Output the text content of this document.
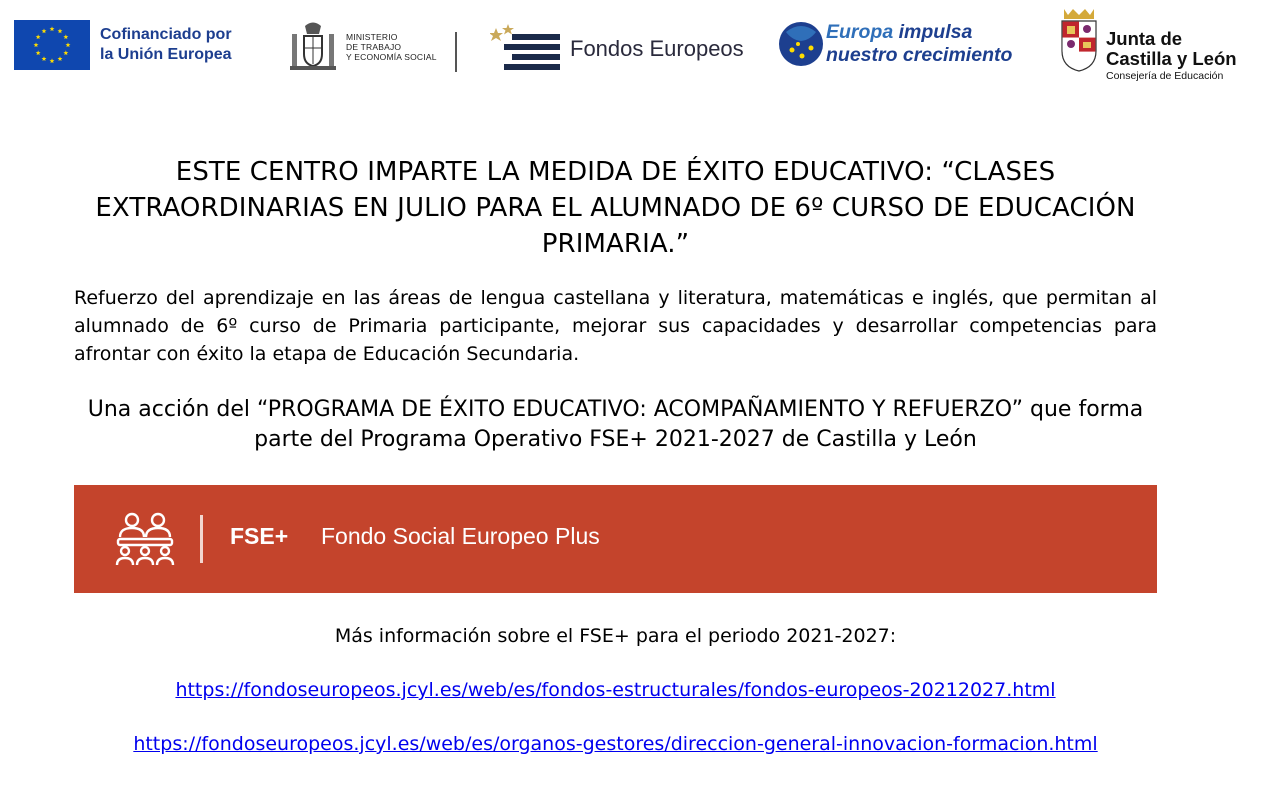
Cofinanciado por
la Unión Europea
MINISTERIO
DE TRABAJO
Y ECONOMÍA SOCIAL	Fondos Europeos
Europa impulsa
nuestro crecimiento
Junta de
Castilla y León
Consejería de Educación
ESTE CENTRO IMPARTE LA MEDIDA DE ÉXITO EDUCATIVO: “CLASES EXTRAORDINARIAS EN JULIO PARA EL ALUMNADO DE 6º CURSO DE EDUCACIÓN PRIMARIA.”
Refuerzo del aprendizaje en las áreas de lengua castellana y literatura, matemáticas e inglés, que permitan al alumnado de 6º curso de Primaria participante, mejorar sus capacidades y desarrollar competencias para afrontar con éxito la etapa de Educación Secundaria.
Una acción del “PROGRAMA DE ÉXITO EDUCATIVO: ACOMPAÑAMIENTO Y REFUERZO” que forma parte del Programa Operativo FSE+ 2021-2027 de Castilla y León
FSE+ Fondo Social Europeo Plus
Más información sobre el FSE+ para el periodo 2021-2027:
https://fondoseuropeos.jcyl.es/web/es/fondos-estructurales/fondos-europeos-20212027.html
https://fondoseuropeos.jcyl.es/web/es/organos-gestores/direccion-general-innovacion-formacion.html
